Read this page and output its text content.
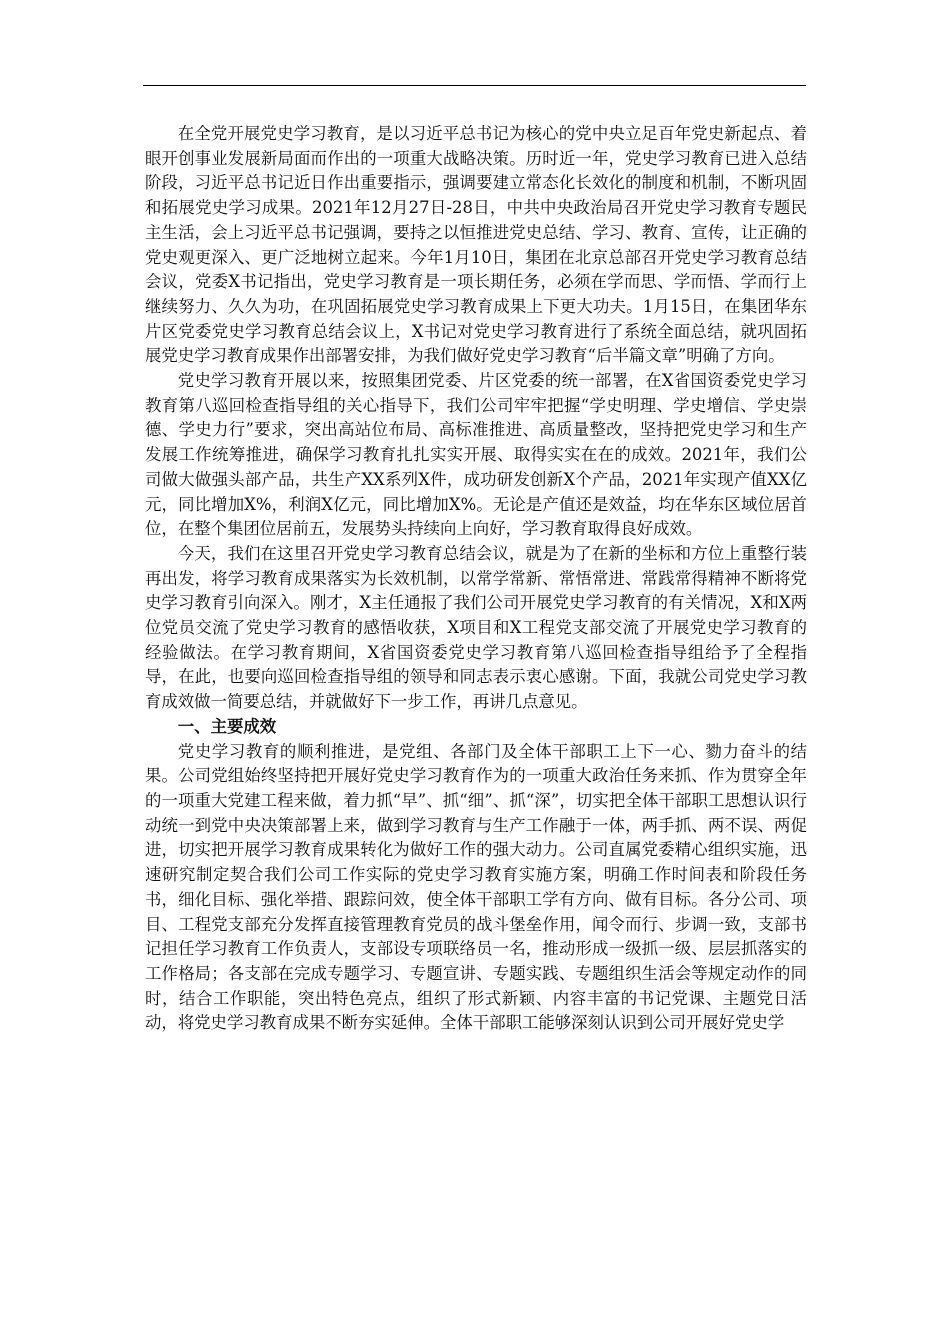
在全党开展党史学习教育，是以习近平总书记为核心的党中央立足百年党史新起点、着眼开创事业发展新局面而作出的一项重大战略决策。历时近一年，党史学习教育已进入总结阶段，习近平总书记近日作出重要指示，强调要建立常态化长效化的制度和机制，不断巩固和拓展党史学习成果。2021年12月27日-28日，中共中央政治局召开党史学习教育专题民主生活，会上习近平总书记强调，要持之以恒推进党史总结、学习、教育、宣传，让正确的党史观更深入、更广泛地树立起来。今年1月10日，集团在北京总部召开党史学习教育总结会议，党委X书记指出，党史学习教育是一项长期任务，必须在学而思、学而悟、学而行上继续努力、久久为功，在巩固拓展党史学习教育成果上下更大功夫。1月15日，在集团华东片区党委党史学习教育总结会议上，X书记对党史学习教育进行了系统全面总结，就巩固拓展党史学习教育成果作出部署安排，为我们做好党史学习教育“后半篇文章”明确了方向。

党史学习教育开展以来，按照集团党委、片区党委的统一部署，在X省国资委党史学习教育第八巡回检查指导组的关心指导下，我们公司牢牢把握“学史明理、学史增信、学史崇德、学史力行”要求，突出高站位布局、高标准推进、高质量整改，坚持把党史学习和生产发展工作统筹推进，确保学习教育扎扎实实开展、取得实实在在的成效。2021年，我们公司做大做强头部产品，共生产XX系列X件，成功研发创新X个产品，2021年实现产值XX亿元，同比增加X%，利润X亿元，同比增加X%。无论是产值还是效益，均在华东区域位居首位，在整个集团位居前五，发展势头持续向上向好，学习教育取得良好成效。

今天，我们在这里召开党史学习教育总结会议，就是为了在新的坐标和方位上重整行装再出发，将学习教育成果落实为长效机制，以常学常新、常悟常进、常践常得精神不断将党史学习教育引向深入。刚才，X主任通报了我们公司开展党史学习教育的有关情况，X和X两位党员交流了党史学习教育的感悟收获，X项目和X工程党支部交流了开展党史学习教育的经验做法。在学习教育期间，X省国资委党史学习教育第八巡回检查指导组给予了全程指导，在此，也要向巡回检查指导组的领导和同志表示衷心感谢。下面，我就公司党史学习教育成效做一简要总结，并就做好下一步工作，再讲几点意见。

一、主要成效

党史学习教育的顺利推进，是党组、各部门及全体干部职工上下一心、勠力奋斗的结果。公司党组始终坚持把开展好党史学习教育作为的一项重大政治任务来抓、作为贯穿全年的一项重大党建工程来做，着力抓“早”、抓“细”、抓“深”，切实把全体干部职工思想认识行动统一到党中央决策部署上来，做到学习教育与生产工作融于一体，两手抓、两不误、两促进，切实把开展学习教育成果转化为做好工作的强大动力。公司直属党委精心组织实施，迅速研究制定契合我们公司工作实际的党史学习教育实施方案，明确工作时间表和阶段任务书，细化目标、强化举措、跟踪问效，使全体干部职工学有方向、做有目标。各分公司、项目、工程党支部充分发挥直接管理教育党员的战斗堡垒作用，闻令而行、步调一致，支部书记担任学习教育工作负责人，支部设专项联络员一名，推动形成一级抓一级、层层抓落实的工作格局；各支部在完成专题学习、专题宣讲、专题实践、专题组织生活会等规定动作的同时，结合工作职能，突出特色亮点，组织了形式新颖、内容丰富的书记党课、主题党日活动，将党史学习教育成果不断夯实延伸。全体干部职工能够深刻认识到公司开展好党史学
